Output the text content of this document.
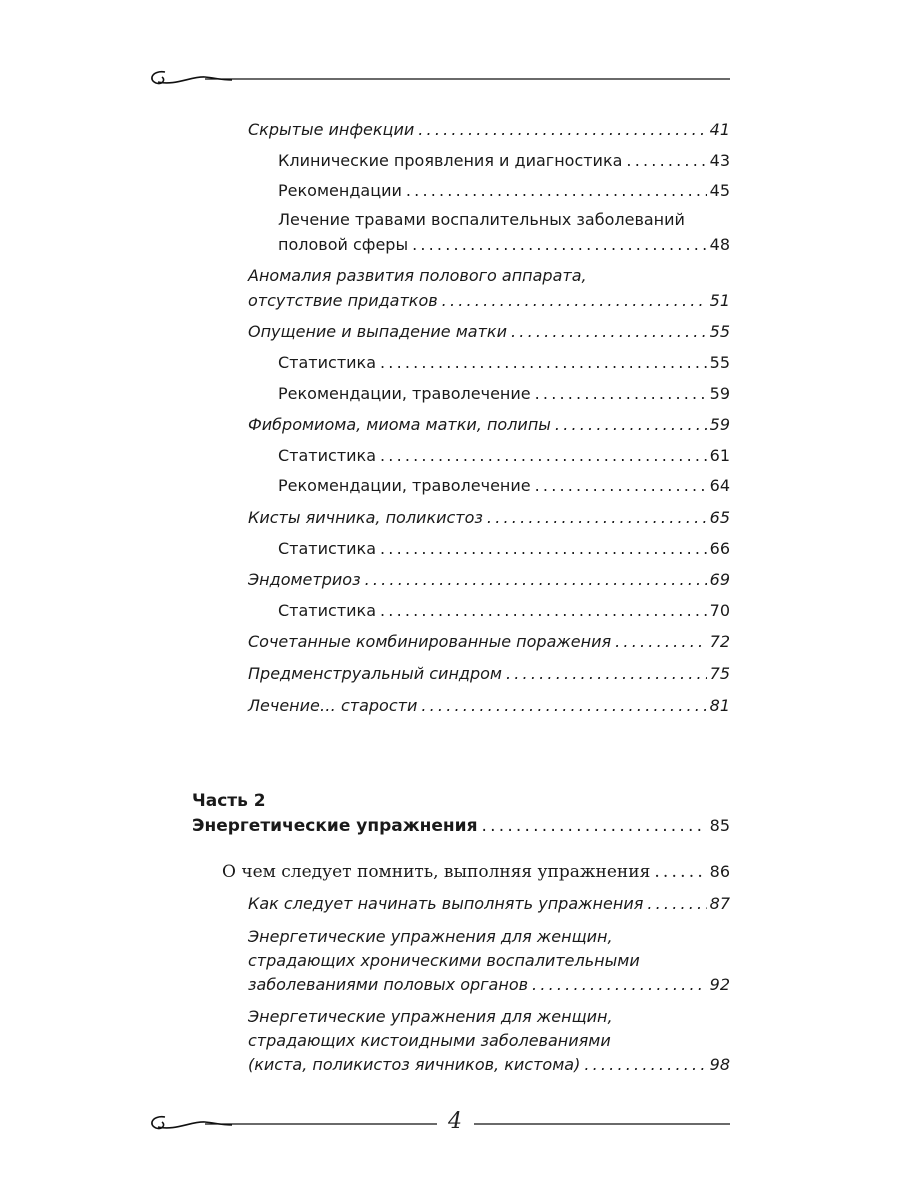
Скрытые инфекции .....	41
Клинические проявления и диагностика .....	43
Рекомендации .....	45
Лечение травами воспалительных заболеваний
половой сферы .....	48
Аномалия развития полового аппарата,
отсутствие придатков .....	51
Опущение и выпадение матки .....	55
Статистика .....	55
Рекомендации, траволечение .....	59
Фибромиома, миома матки, полипы .....	59
Статистика .....	61
Рекомендации, траволечение .....	64
Кисты яичника, поликистоз .....	65
Статистика .....	66
Эндометриоз .....	69
Статистика .....	70
Сочетанные комбинированные поражения .....	72
Предменструальный синдром .....	75
Лечение… старости .....	81
Часть 2
Энергетические упражнения .....	85
О чем следует помнить, выполняя упражнения .....	86
Как следует начинать выполнять упражнения .....	87
Энергетические упражнения для женщин,
страдающих хроническими воспалительными
заболеваниями половых органов .....	92
Энергетические упражнения для женщин,
страдающих кистоидными заболеваниями
(киста, поликистоз яичников, кистома) .....	98
4
